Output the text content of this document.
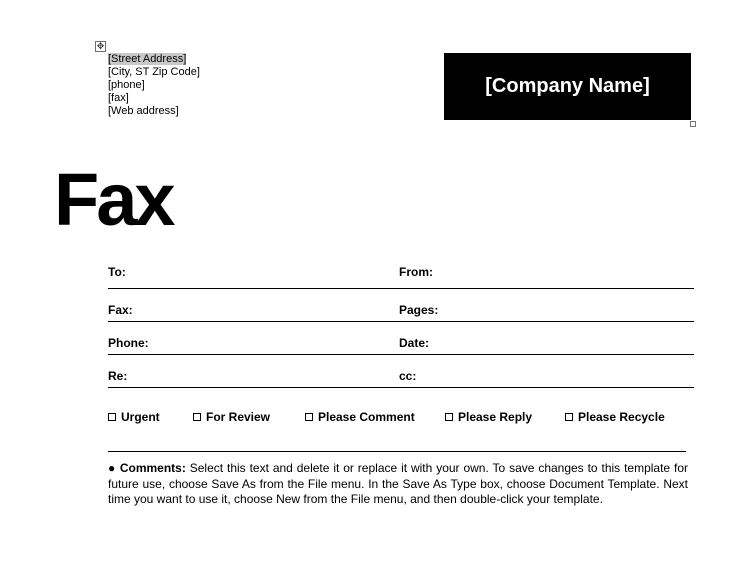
✥
[Street Address]
[City, ST Zip Code]
[phone]
[fax]
[Web address]
[Company Name]
Fax
To:	From:
Fax:	Pages:
Phone:	Date:
Re:	cc:
Urgent	For Review	Please Comment	Please Reply	Please Recycle
● Comments: Select this text and delete it or replace it with your own. To save changes to this template for future use, choose Save As from the File menu. In the Save As Type box, choose Document Template. Next time you want to use it, choose New from the File menu, and then double-click your template.
